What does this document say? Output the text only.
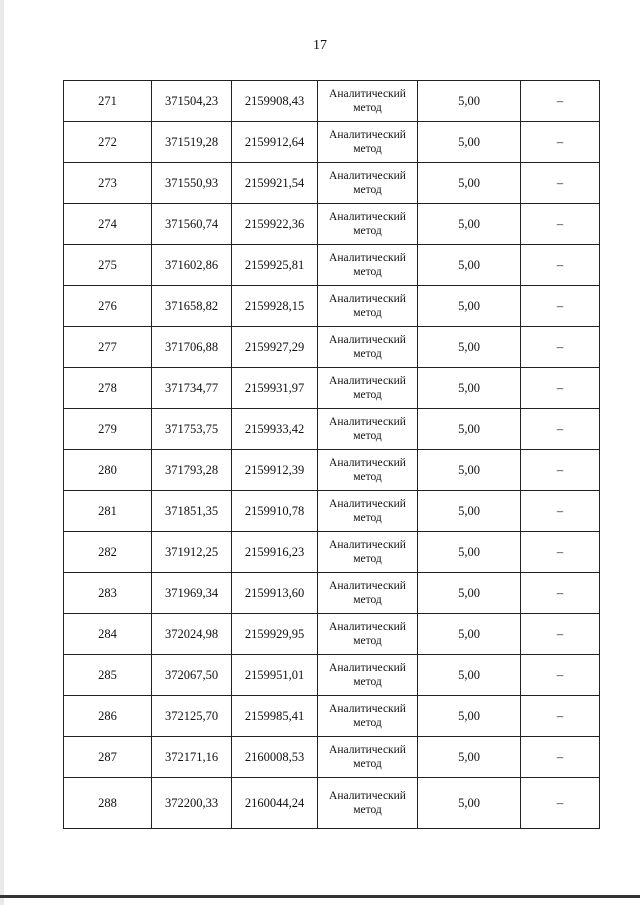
17
271	371504,23	2159908,43	Аналитический метод	5,00	–
272	371519,28	2159912,64	Аналитический метод	5,00	–
273	371550,93	2159921,54	Аналитический метод	5,00	–
274	371560,74	2159922,36	Аналитический метод	5,00	–
275	371602,86	2159925,81	Аналитический метод	5,00	–
276	371658,82	2159928,15	Аналитический метод	5,00	–
277	371706,88	2159927,29	Аналитический метод	5,00	–
278	371734,77	2159931,97	Аналитический метод	5,00	–
279	371753,75	2159933,42	Аналитический метод	5,00	–
280	371793,28	2159912,39	Аналитический метод	5,00	–
281	371851,35	2159910,78	Аналитический метод	5,00	–
282	371912,25	2159916,23	Аналитический метод	5,00	–
283	371969,34	2159913,60	Аналитический метод	5,00	–
284	372024,98	2159929,95	Аналитический метод	5,00	–
285	372067,50	2159951,01	Аналитический метод	5,00	–
286	372125,70	2159985,41	Аналитический метод	5,00	–
287	372171,16	2160008,53	Аналитический метод	5,00	–
288	372200,33	2160044,24	Аналитический метод	5,00	–
